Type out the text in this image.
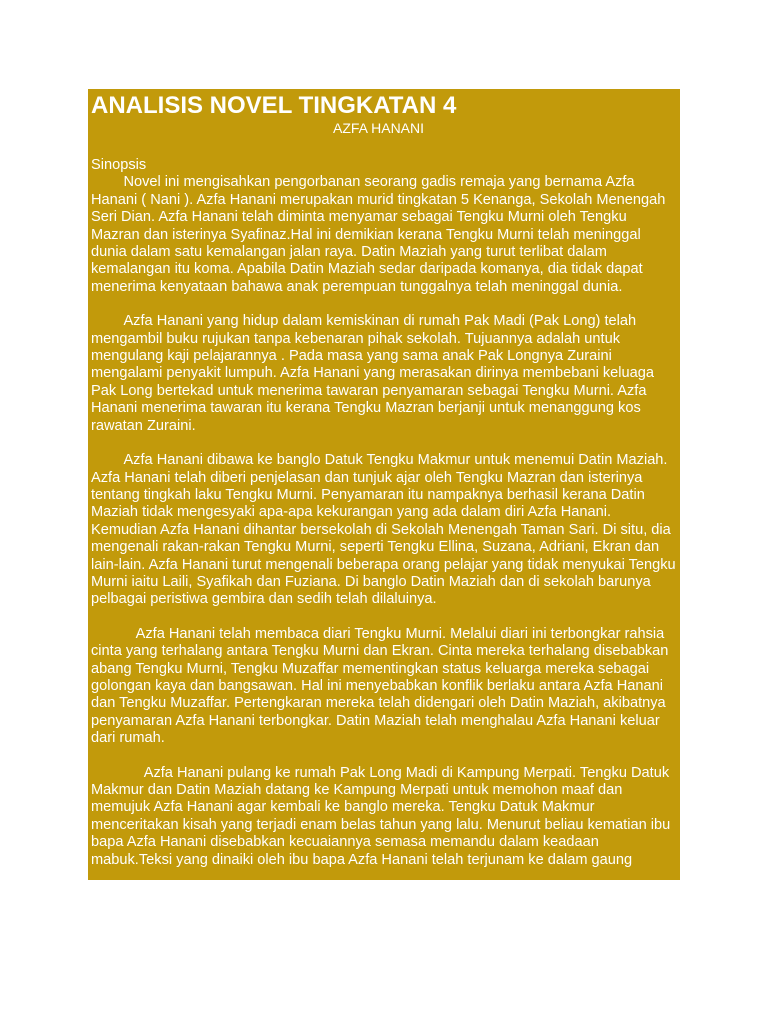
ANALISIS NOVEL TINGKATAN 4
AZFA HANANI

Sinopsis

Novel ini mengisahkan pengorbanan seorang gadis remaja yang bernama Azfa Hanani ( Nani ). Azfa Hanani merupakan murid tingkatan 5 Kenanga, Sekolah Menengah Seri Dian. Azfa Hanani telah diminta menyamar sebagai Tengku Murni oleh Tengku Mazran dan isterinya Syafinaz.Hal ini demikian kerana Tengku Murni telah meninggal dunia dalam satu kemalangan jalan raya. Datin Maziah yang turut terlibat dalam kemalangan itu koma. Apabila Datin Maziah sedar daripada komanya, dia tidak dapat menerima kenyataan bahawa anak perempuan tunggalnya telah meninggal dunia.

Azfa Hanani yang hidup dalam kemiskinan di rumah Pak Madi (Pak Long) telah mengambil buku rujukan tanpa kebenaran pihak sekolah. Tujuannya adalah untuk mengulang kaji pelajarannya . Pada masa yang sama anak Pak Longnya Zuraini mengalami penyakit lumpuh. Azfa Hanani yang merasakan dirinya membebani keluaga Pak Long bertekad untuk menerima tawaran penyamaran sebagai Tengku Murni. Azfa Hanani menerima tawaran itu kerana Tengku Mazran berjanji untuk menanggung kos rawatan Zuraini.

Azfa Hanani dibawa ke banglo Datuk Tengku Makmur untuk menemui Datin Maziah. Azfa Hanani telah diberi penjelasan dan tunjuk ajar oleh Tengku Mazran dan isterinya tentang tingkah laku Tengku Murni. Penyamaran itu nampaknya berhasil kerana Datin Maziah tidak mengesyaki apa-apa kekurangan yang ada dalam diri Azfa Hanani. Kemudian Azfa Hanani dihantar bersekolah di Sekolah Menengah Taman Sari. Di situ, dia mengenali rakan-rakan Tengku Murni, seperti Tengku Ellina, Suzana, Adriani, Ekran dan lain-lain. Azfa Hanani turut mengenali beberapa orang pelajar yang tidak menyukai Tengku Murni iaitu Laili, Syafikah dan Fuziana. Di banglo Datin Maziah dan di sekolah barunya pelbagai peristiwa gembira dan sedih telah dilaluinya.

Azfa Hanani telah membaca diari Tengku Murni. Melalui diari ini terbongkar rahsia cinta yang terhalang antara Tengku Murni dan Ekran. Cinta mereka terhalang disebabkan abang Tengku Murni, Tengku Muzaffar mementingkan status keluarga mereka sebagai golongan kaya dan bangsawan. Hal ini menyebabkan konflik berlaku antara Azfa Hanani dan Tengku Muzaffar. Pertengkaran mereka telah didengari oleh Datin Maziah, akibatnya penyamaran Azfa Hanani terbongkar. Datin Maziah telah menghalau Azfa Hanani keluar dari rumah.

Azfa Hanani pulang ke rumah Pak Long Madi di Kampung Merpati. Tengku Datuk Makmur dan Datin Maziah datang ke Kampung Merpati untuk memohon maaf dan memujuk Azfa Hanani agar kembali ke banglo mereka. Tengku Datuk Makmur menceritakan kisah yang terjadi enam belas tahun yang lalu. Menurut beliau kematian ibu bapa Azfa Hanani disebabkan kecuaiannya semasa memandu dalam keadaan mabuk.Teksi yang dinaiki oleh ibu bapa Azfa Hanani telah terjunam ke dalam gaung
